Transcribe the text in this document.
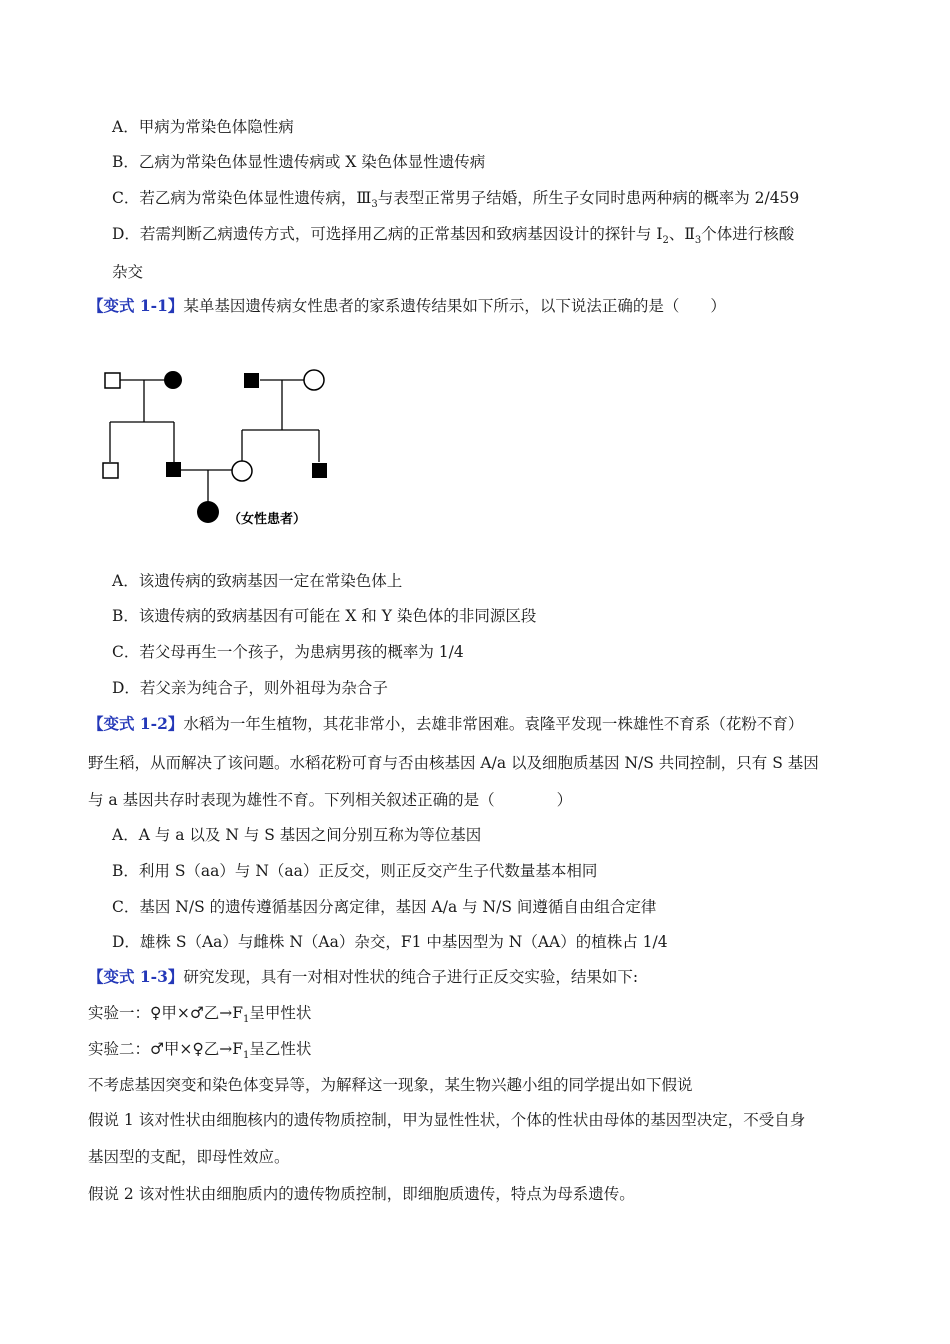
A．甲病为常染色体隐性病
B．乙病为常染色体显性遗传病或 X 染色体显性遗传病
C．若乙病为常染色体显性遗传病，$Ⅲ_3$与表型正常男子结婚，所生子女同时患两种病的概率为 2/459
D．若需判断乙病遗传方式，可选择用乙病的正常基因和致病基因设计的探针与 $I_2$、$Ⅱ_3$个体进行核酸
杂交
【变式 1-1】某单基因遗传病女性患者的家系遗传结果如下所示，以下说法正确的是（　　）
（女性患者）
A．该遗传病的致病基因一定在常染色体上
B．该遗传病的致病基因有可能在 X 和 Y 染色体的非同源区段
C．若父母再生一个孩子，为患病男孩的概率为 1/4
D．若父亲为纯合子，则外祖母为杂合子
【变式 1-2】水稻为一年生植物，其花非常小，去雄非常困难。袁隆平发现一株雄性不育系（花粉不育）
野生稻，从而解决了该问题。水稻花粉可育与否由核基因 A/a 以及细胞质基因 N/S 共同控制，只有 S 基因
与 a 基因共存时表现为雄性不育。下列相关叙述正确的是（　　　　）
A．A 与 a 以及 N 与 S 基因之间分别互称为等位基因
B．利用 S（aa）与 N（aa）正反交，则正反交产生子代数量基本相同
C．基因 N/S 的遗传遵循基因分离定律，基因 A/a 与 N/S 间遵循自由组合定律
D．雄株 S（Aa）与雌株 N（Aa）杂交，F1 中基因型为 N（AA）的植株占 1/4
【变式 1-3】研究发现，具有一对相对性状的纯合子进行正反交实验，结果如下:
实验一：♀甲×♂乙$\to F_1$呈甲性状
实验二：♂甲×♀乙$\to F_1$呈乙性状
不考虑基因突变和染色体变异等，为解释这一现象，某生物兴趣小组的同学提出如下假说
假说 1 该对性状由细胞核内的遗传物质控制，甲为显性性状，个体的性状由母体的基因型决定，不受自身
基因型的支配，即母性效应。
假说 2 该对性状由细胞质内的遗传物质控制，即细胞质遗传，特点为母系遗传。
